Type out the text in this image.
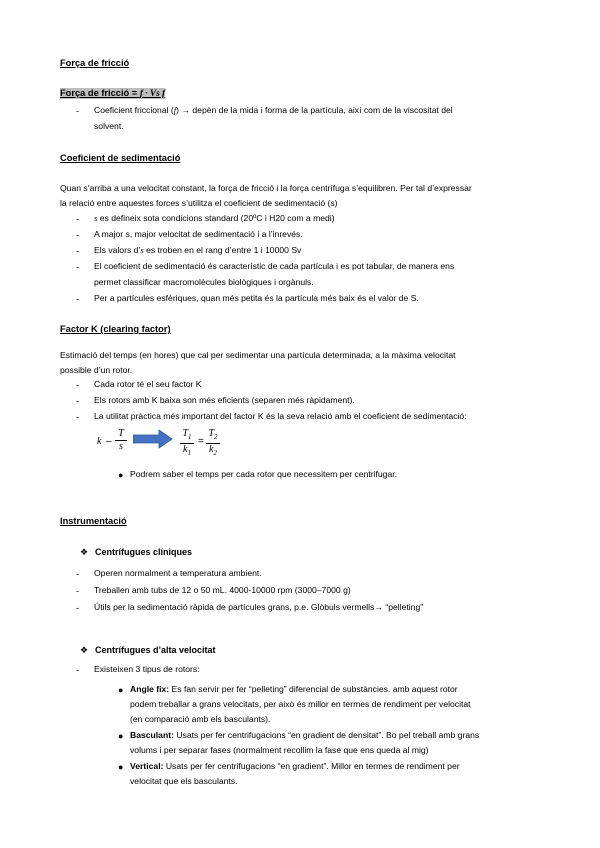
Força de fricció
Força de fricció = f · Vs f
- Coeficient friccional (f) → depèn de la mida i forma de la partícula, així com de la viscositat del
solvent.
Coeficient de sedimentació
Quan s’arriba a una velocitat constant, la força de fricció i la força centrífuga s’equilibren. Per tal d’expressar
la relació entre aquestes forces s’utilitza el coeficient de sedimentació (s)
- s es defineix sota condicions standard (20ºC i H20 com a medi)
- A major s, major velocitat de sedimentació i a l’inrevés.
- Els valors d’s es troben en el rang d’entre 1 i 10000 Sv
- El coeficient de sedimentació és característic de cada partícula i es pot tabular, de manera ens
permet classificar macromolècules biològiques i orgànuls.
- Per a partícules esfèriques, quan més petita és la partícula més baix és el valor de S.
Factor K (clearing factor)
Estimació del temps (en hores) que cal per sedimentar una partícula determinada, a la màxima velocitat
possible d’un rotor.
- Cada rotor té el seu factor K
- Els rotors amb K baixa son més eficients (separen més ràpidament).
- La utilitat pràctica més important del factor K és la seva relació amb el coeficient de sedimentació:
k –
T
s
$T_1$
$k_1$
=
$T_2$
$k_2$
● Podrem saber el temps per cada rotor que necessitem per centrifugar.
Instrumentació
❖ Centrífugues clíniques
- Operen normalment a temperatura ambient.
- Treballen amb tubs de 12 o 50 mL. 4000-10000 rpm (3000–7000 g)
- Útils per la sedimentació ràpida de partícules grans, p.e. Glòbuls vermells→ “pelleting”
❖ Centrífugues d’alta velocitat
- Existeixen 3 tipus de rotors:
● Angle fix: Es fan servir per fer “pelleting” diferencial de substàncies. amb aquest rotor
podem treballar a grans velocitats, per això és millor en termes de rendiment per velocitat
(en comparació amb els basculants).
● Basculant: Usats per fer centrifugacions “en gradient de densitat”. Bo pel treball amb grans
volums i per separar fases (normalment recollim la fase que ens queda al mig)
● Vertical: Usats per fer centrifugacions “en gradient”. Millor en termes de rendiment per
velocitat que els basculants.
